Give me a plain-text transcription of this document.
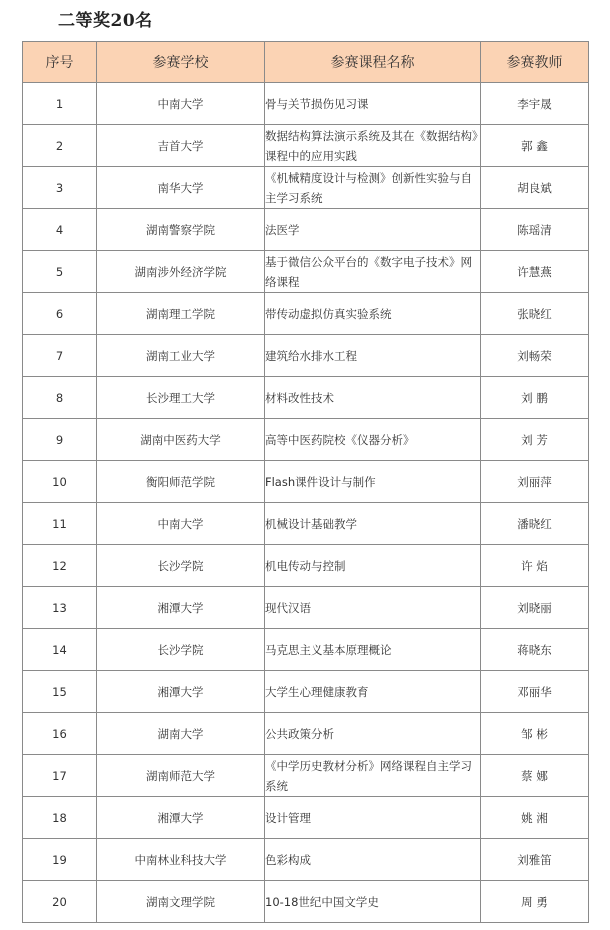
二等奖20名
序号	参赛学校	参赛课程名称	参赛教师
1	中南大学	骨与关节损伤见习课	李宇晟
2	吉首大学	数据结构算法演示系统及其在《数据结构》课程中的应用实践	郭 鑫
3	南华大学	《机械精度设计与检测》创新性实验与自主学习系统	胡良斌
4	湖南警察学院	法医学	陈瑶清
5	湖南涉外经济学院	基于微信公众平台的《数字电子技术》网络课程	许慧燕
6	湖南理工学院	带传动虚拟仿真实验系统	张晓红
7	湖南工业大学	建筑给水排水工程	刘畅荣
8	长沙理工大学	材料改性技术	刘 鹏
9	湖南中医药大学	高等中医药院校《仪器分析》	刘 芳
10	衡阳师范学院	Flash课件设计与制作	刘丽萍
11	中南大学	机械设计基础教学	潘晓红
12	长沙学院	机电传动与控制	许 焰
13	湘潭大学	现代汉语	刘晓丽
14	长沙学院	马克思主义基本原理概论	蒋晓东
15	湘潭大学	大学生心理健康教育	邓丽华
16	湖南大学	公共政策分析	邹 彬
17	湖南师范大学	《中学历史教材分析》网络课程自主学习系统	蔡 娜
18	湘潭大学	设计管理	姚 湘
19	中南林业科技大学	色彩构成	刘雅笛
20	湖南文理学院	10-18世纪中国文学史	周 勇
